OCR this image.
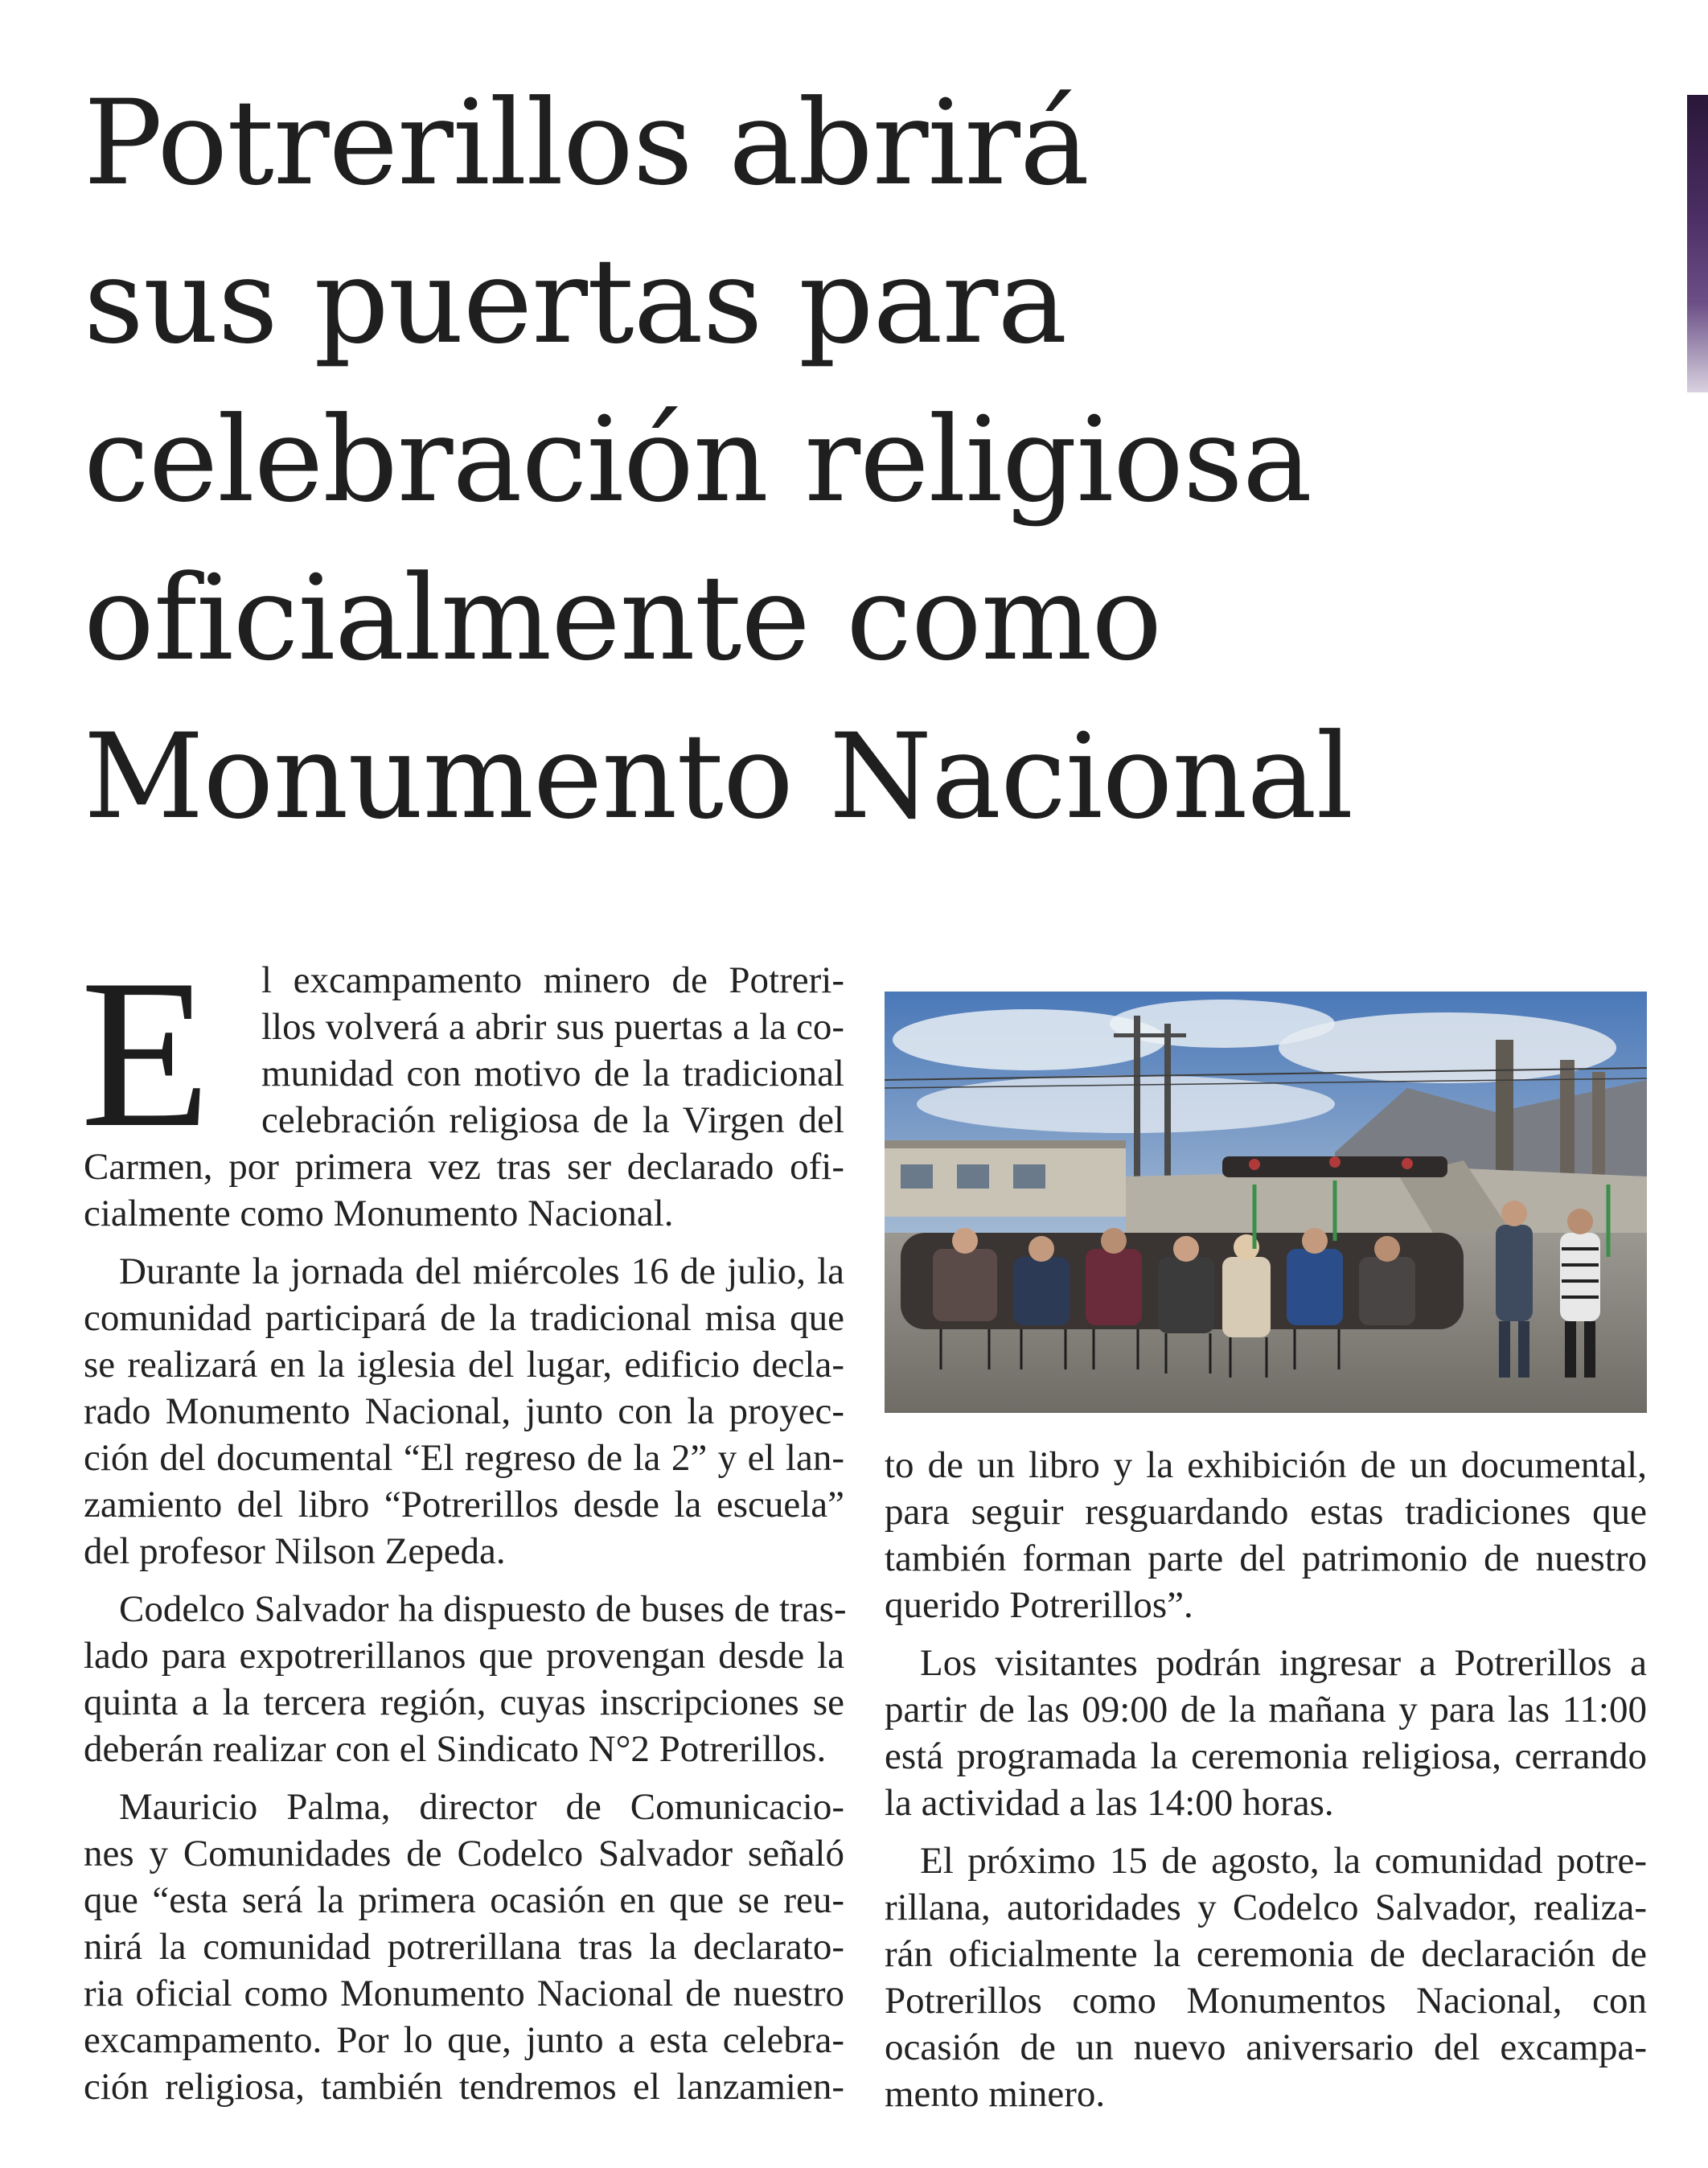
Potrerillos abrirá
sus puertas para
celebración religiosa
oficialmente como
Monumento Nacional
E	l excampamento minero de Potreri-
llos volverá a abrir sus puertas a la co-
munidad con motivo de la tradicional
celebración religiosa de la Virgen del
Carmen, por primera vez tras ser declarado ofi-
cialmente como Monumento Nacional.
Durante la jornada del miércoles 16 de julio, la
comunidad participará de la tradicional misa que
se realizará en la iglesia del lugar, edificio decla-
rado Monumento Nacional, junto con la proyec-
ción del documental “El regreso de la 2” y el lan-
zamiento del libro “Potrerillos desde la escuela”
del profesor Nilson Zepeda.
Codelco Salvador ha dispuesto de buses de tras-
lado para expotrerillanos que provengan desde la
quinta a la tercera región, cuyas inscripciones se
deberán realizar con el Sindicato N°2 Potrerillos.
Mauricio Palma, director de Comunicacio-
nes y Comunidades de Codelco Salvador señaló
que “esta será la primera ocasión en que se reu-
nirá la comunidad potrerillana tras la declarato-
ria oficial como Monumento Nacional de nuestro
excampamento. Por lo que, junto a esta celebra-
ción religiosa, también tendremos el lanzamien-
to de un libro y la exhibición de un documental,
para seguir resguardando estas tradiciones que
también forman parte del patrimonio de nuestro
querido Potrerillos”.
Los visitantes podrán ingresar a Potrerillos a
partir de las 09:00 de la mañana y para las 11:00
está programada la ceremonia religiosa, cerrando
la actividad a las 14:00 horas.
El próximo 15 de agosto, la comunidad potre-
rillana, autoridades y Codelco Salvador, realiza-
rán oficialmente la ceremonia de declaración de
Potrerillos como Monumentos Nacional, con
ocasión de un nuevo aniversario del excampa-
mento minero.
